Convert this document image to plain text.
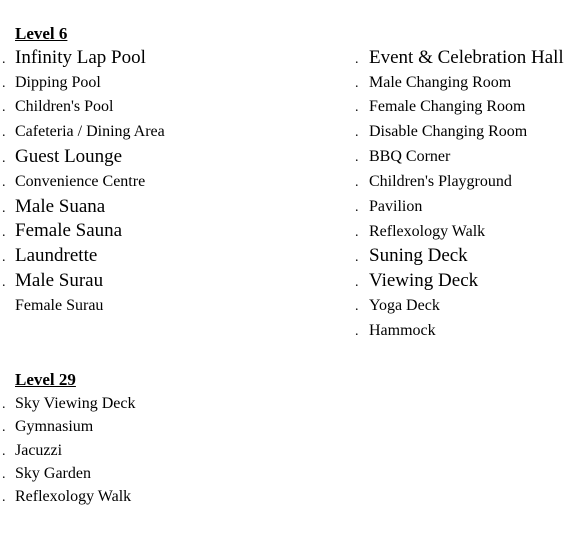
Level 6
. Infinity Lap Pool
. Dipping Pool
. Children's Pool
. Cafeteria / Dining Area
. Guest Lounge
. Convenience Centre
. Male Suana
. Female Sauna
. Laundrette
. Male Surau
Female Surau
. Event & Celebration Hall
. Male Changing Room
. Female Changing Room
. Disable Changing Room
. BBQ Corner
. Children's Playground
. Pavilion
. Reflexology Walk
. Suning Deck
. Viewing Deck
. Yoga Deck
. Hammock
Level 29
. Sky Viewing Deck
. Gymnasium
. Jacuzzi
. Sky Garden
. Reflexology Walk
